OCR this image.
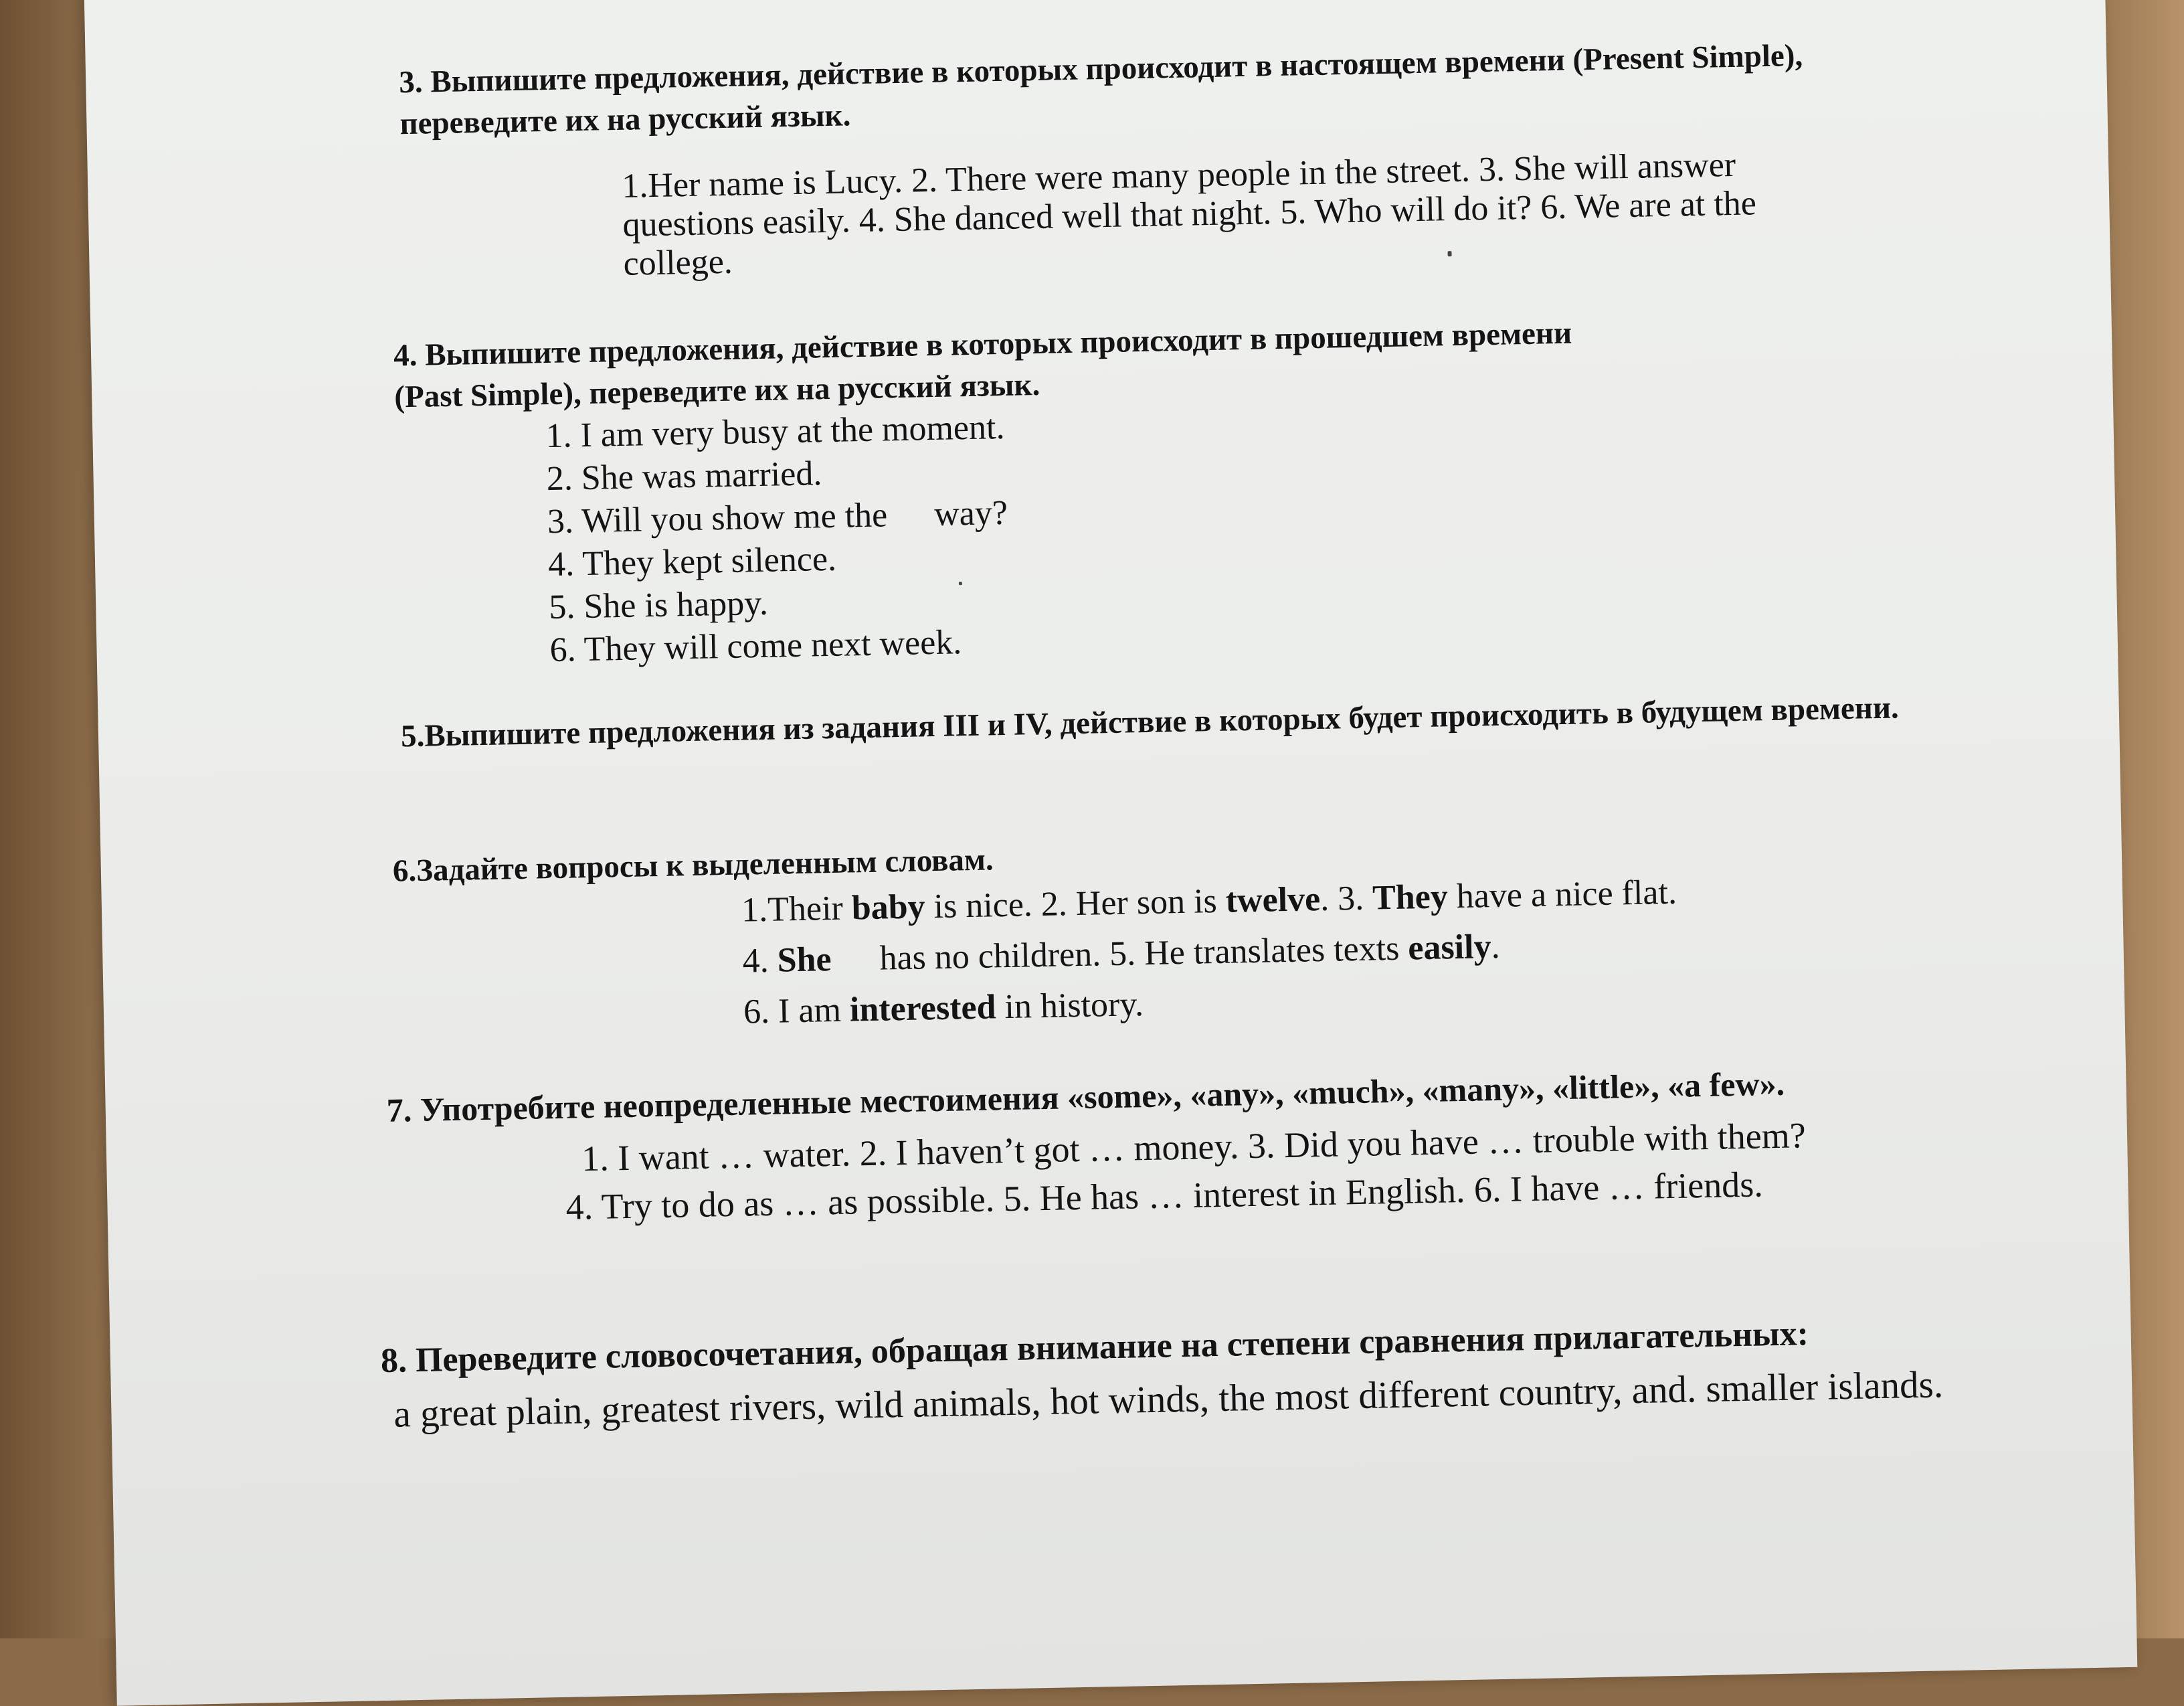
3. Выпишите предложения, действие в которых происходит в настоящем времени (Present Simple), переведите их на русский язык.

1.Her name is Lucy. 2. There were many people in the street. 3. She will answer questions easily. 4. She danced well that night. 5. Who will do it? 6. We are at the college.

4. Выпишите предложения, действие в которых происходит в прошедшем времени

(Past Simple), переведите их на русский язык.

1. I am very busy at the moment.
2. She was married.
3. Will you show me the way?
4. They kept silence.
5. She is happy.
6. They will come next week.

5.Выпишите предложения из задания III и IV, действие в которых будет происходить в будущем времени.

6.Задайте вопросы к выделенным словам.

1.Their baby is nice. 2. Her son is twelve. 3. They have a nice flat.
4. She has no children. 5. He translates texts easily.
6. I am interested in history.

7. Употребите неопределенные местоимения «some», «any», «much», «many», «little», «a few».

1. I want … water. 2. I haven’t got … money. 3. Did you have … trouble with them?
4. Try to do as … as possible. 5. He has … interest in English. 6. I have … friends.

8. Переведите словосочетания, обращая внимание на степени сравнения прилагательных:

a great plain, greatest rivers, wild animals, hot winds, the most different country, and. smaller islands.
